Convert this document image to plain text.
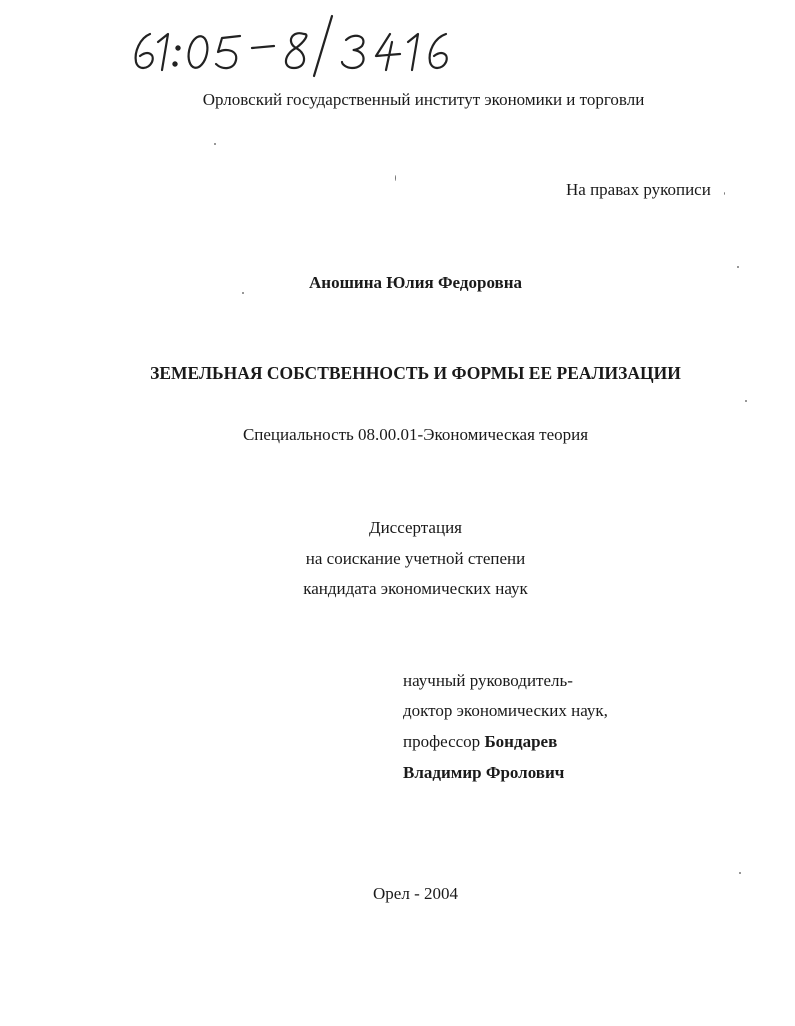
Орловский государственный институт экономики и торговли
На правах рукописи
Аношина Юлия Федоровна
ЗЕМЕЛЬНАЯ СОБСТВЕННОСТЬ И ФОРМЫ ЕЕ РЕАЛИЗАЦИИ
Специальность 08.00.01-Экономическая теория
Диссертация
на соискание учетной степени
кандидата экономических наук
научный руководитель-
доктор экономических наук,
профессор Бондарев
Владимир Фролович
Орел - 2004
